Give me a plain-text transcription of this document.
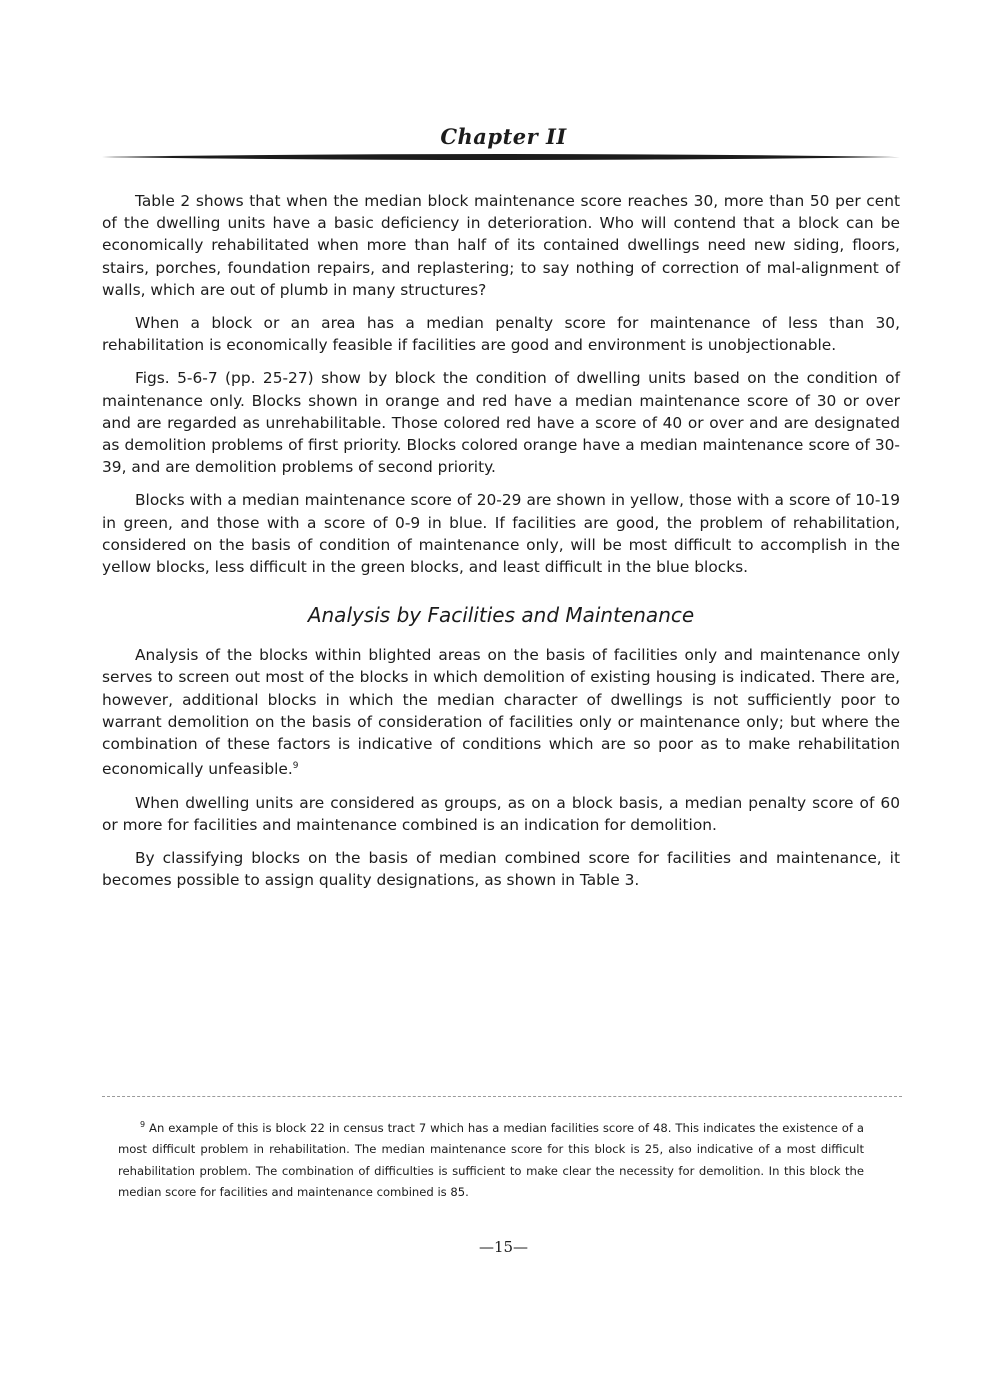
Chapter II

Table 2 shows that when the median block maintenance score reaches 30, more than 50 per cent of the dwelling units have a basic deficiency in deterioration. Who will contend that a block can be economically rehabilitated when more than half of its contained dwellings need new siding, floors, stairs, porches, foundation repairs, and replastering; to say nothing of correction of mal-alignment of walls, which are out of plumb in many structures?

When a block or an area has a median penalty score for maintenance of less than 30, rehabilitation is economically feasible if facilities are good and environment is unobjectionable.

Figs. 5-6-7 (pp. 25-27) show by block the condition of dwelling units based on the condition of maintenance only. Blocks shown in orange and red have a median maintenance score of 30 or over and are regarded as unrehabilitable. Those colored red have a score of 40 or over and are designated as demolition problems of first priority. Blocks colored orange have a median maintenance score of 30-39, and are demolition problems of second priority.

Blocks with a median maintenance score of 20-29 are shown in yellow, those with a score of 10-19 in green, and those with a score of 0-9 in blue. If facilities are good, the problem of rehabilitation, considered on the basis of condition of maintenance only, will be most difficult to accomplish in the yellow blocks, less difficult in the green blocks, and least difficult in the blue blocks.

Analysis by Facilities and Maintenance

Analysis of the blocks within blighted areas on the basis of facilities only and maintenance only serves to screen out most of the blocks in which demolition of existing housing is indicated. There are, however, additional blocks in which the median character of dwellings is not sufficiently poor to warrant demolition on the basis of consideration of facilities only or maintenance only; but where the combination of these factors is indicative of conditions which are so poor as to make rehabilitation economically unfeasible.$^9$

When dwelling units are considered as groups, as on a block basis, a median penalty score of 60 or more for facilities and maintenance combined is an indication for demolition.

By classifying blocks on the basis of median combined score for facilities and maintenance, it becomes possible to assign quality designations, as shown in Table 3.

$^9$ An example of this is block 22 in census tract 7 which has a median facilities score of 48. This indicates the existence of a most difficult problem in rehabilitation. The median maintenance score for this block is 25, also indicative of a most difficult rehabilitation problem. The combination of difficulties is sufficient to make clear the necessity for demolition. In this block the median score for facilities and maintenance combined is 85.

—15—
